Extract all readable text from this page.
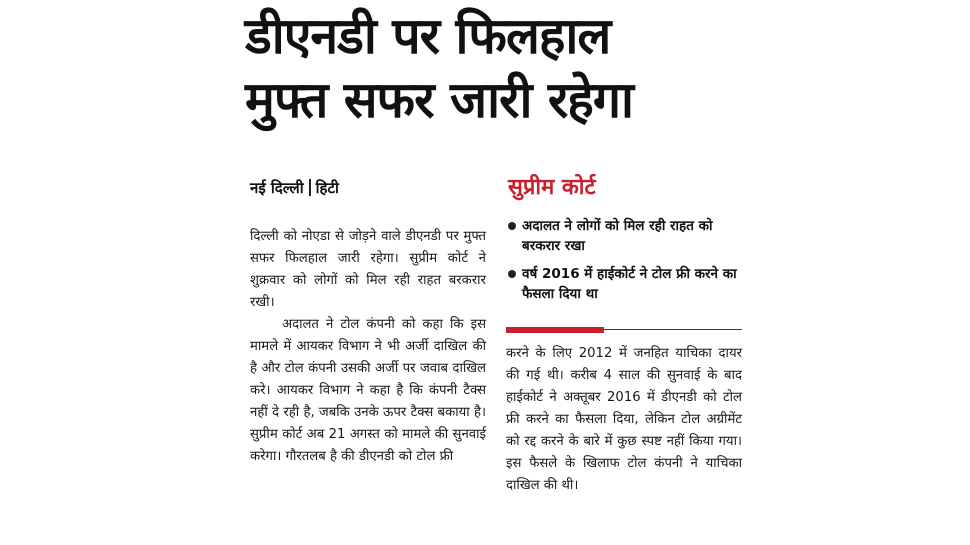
डीएनडी पर फिलहाल
मुफ्त सफर जारी रहेगा
नई दिल्ली हिटी

दिल्ली को नोएडा से जोड़ने वाले डीएनडी पर मुफ्त सफर फिलहाल जारी रहेगा। सुप्रीम कोर्ट ने शुक्रवार को लोगों को मिल रही राहत बरकरार रखी।

अदालत ने टोल कंपनी को कहा कि इस मामले में आयकर विभाग ने भी अर्जी दाखिल की है और टोल कंपनी उसकी अर्जी पर जवाब दाखिल करे। आयकर विभाग ने कहा है कि कंपनी टैक्स नहीं दे रही है, जबकि उनके ऊपर टैक्स बकाया है। सुप्रीम कोर्ट अब 21 अगस्त को मामले की सुनवाई करेगा। गौरतलब है की डीएनडी को टोल फ्री

सुप्रीम कोर्ट
अदालत ने लोगों को मिल रही राहत को बरकरार रखा
वर्ष 2016 में हाईकोर्ट ने टोल फ्री करने का फैसला दिया था

करने के लिए 2012 में जनहित याचिका दायर की गई थी। करीब 4 साल की सुनवाई के बाद हाईकोर्ट ने अक्तूबर 2016 में डीएनडी को टोल फ्री करने का फैसला दिया, लेकिन टोल अग्रीमेंट को रद्द करने के बारे में कुछ स्पष्ट नहीं किया गया। इस फैसले के खिलाफ टोल कंपनी ने याचिका दाखिल की थी।
